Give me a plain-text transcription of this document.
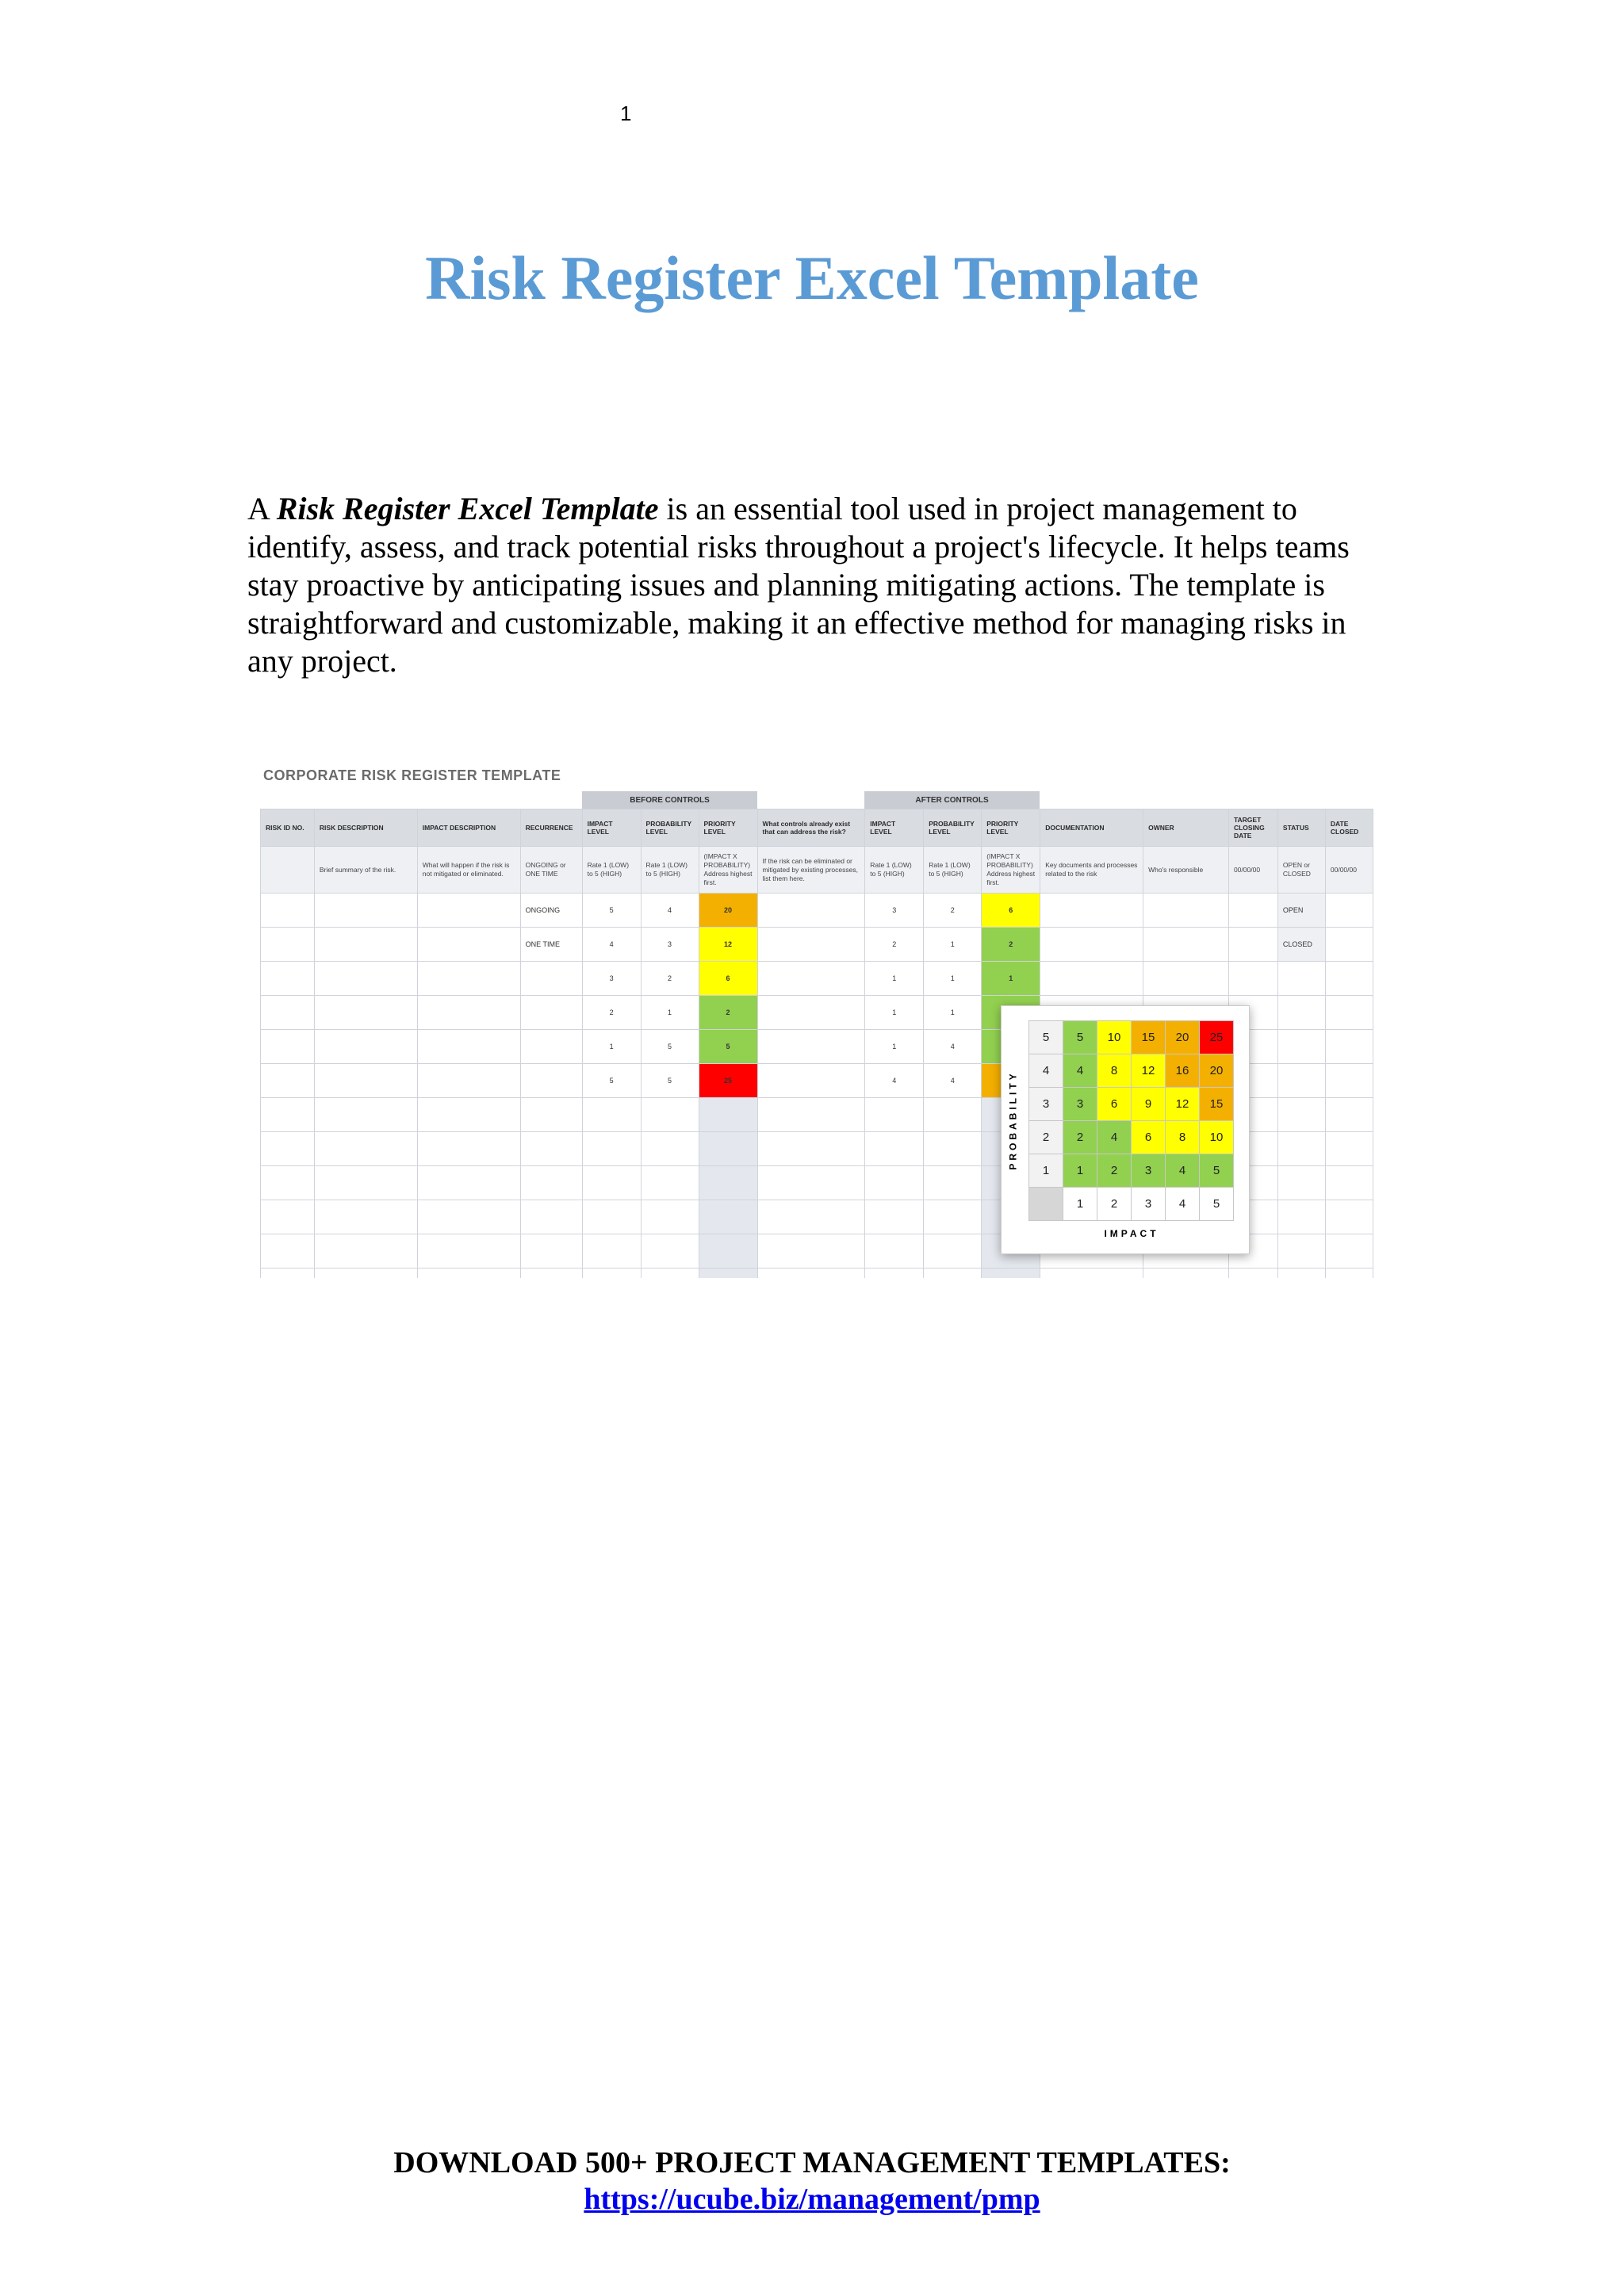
1
Risk Register Excel Template

A Risk Register Excel Template is an essential tool used in project management to identify, assess, and track potential risks throughout a project's lifecycle. It helps teams stay proactive by anticipating issues and planning mitigating actions. The template is straightforward and customizable, making it an effective method for managing risks in any project.

CORPORATE RISK REGISTER TEMPLATE
BEFORE CONTROLS	AFTER CONTROLS
RISK ID NO.	RISK DESCRIPTION	IMPACT DESCRIPTION	RECURRENCE	IMPACT LEVEL	PROBABILITY LEVEL	PRIORITY LEVEL	What controls already exist that can address the risk?	IMPACT LEVEL	PROBABILITY LEVEL	PRIORITY LEVEL	DOCUMENTATION	OWNER	TARGET CLOSING DATE	STATUS	DATE CLOSED
	Brief summary of the risk.	What will happen if the risk is not mitigated or eliminated.	ONGOING or ONE TIME	Rate 1 (LOW) to 5 (HIGH)	Rate 1 (LOW) to 5 (HIGH)	(IMPACT X PROBABILITY) Address highest first.	If the risk can be eliminated or mitigated by existing processes, list them here.	Rate 1 (LOW) to 5 (HIGH)	Rate 1 (LOW) to 5 (HIGH)	(IMPACT X PROBABILITY) Address highest first.	Key documents and processes related to the risk	Who's responsible	00/00/00	OPEN or CLOSED	00/00/00
			ONGOING	5	4	20		3	2	6				OPEN	
			ONE TIME	4	3	12		2	1	2				CLOSED	
				3	2	6		1	1	1					
				2	1	2		1	1						
				1	5	5		1	4						
				5	5	25		4	4						

																PROBABILITY
5	5	10	15	20	25
4	4	8	12	16	20
3	3	6	9	12	15
2	2	4	6	8	10
1	1	2	3	4	5
	1	2	3	4	5
IMPACT
DOWNLOAD 500+ PROJECT MANAGEMENT TEMPLATES:
https://ucube.biz/management/pmp
